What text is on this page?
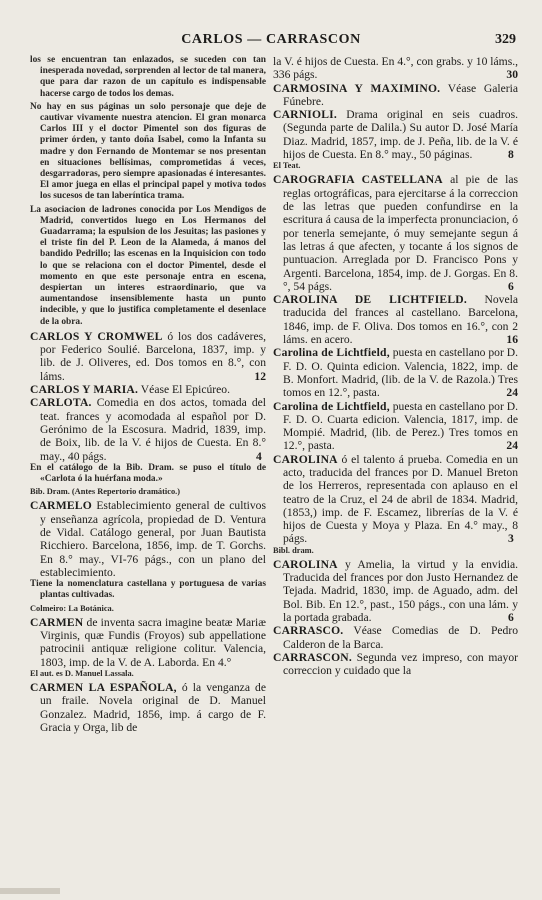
CARLOS — CARRASCON	329

los se encuentran tan enlazados, se suceden con tan inesperada novedad, sorprenden al lector de tal manera, que para dar razon de un capítulo es indispensable hacerse cargo de todos los demas.

No hay en sus páginas un solo personaje que deje de cautivar vivamente nuestra atencion. El gran monarca Carlos III y el doctor Pimentel son dos figuras de primer órden, y tanto doña Isabel, como la Infanta su madre y don Fernando de Montemar se nos presentan en situaciones bellísimas, comprometidas á veces, desgarradoras, pero siempre apasionadas é interesantes. El amor juega en ellas el principal papel y motiva todos los sucesos de tan laberíntica trama.

La asociacion de ladrones conocida por Los Mendigos de Madrid, convertidos luego en Los Hermanos del Guadarrama; la espulsion de los Jesuitas; las pasiones y el triste fin del P. Leon de la Alameda, á manos del bandido Pedrillo; las escenas en la Inquisicion con todo lo que se relaciona con el doctor Pimentel, desde el momento en que este personaje entra en escena, despiertan un interes estraordinario, que va aumentandose insensiblemente hasta un punto indecible, y que lo justifica completamente el desenlace de la obra.

CARLOS Y CROMWEL ó los dos cadáveres, por Federico Soulié. Barcelona, 1837, imp. y lib. de J. Oliveres, ed. Dos tomos en 8.°, con láms.	12

CARLOS Y MARIA. Véase El Epicúreo.

CARLOTA. Comedia en dos actos, tomada del teat. frances y acomodada al español por D. Gerónimo de la Escosura. Madrid, 1839, imp. de Boix, lib. de la V. é hijos de Cuesta. En 8.° may., 40 págs.	4

En el catálogo de la Bib. Dram. se puso el título de «Carlota ó la huérfana moda.»

Bib. Dram. (Antes Repertorio dramático.)

CARMELO Establecimiento general de cultivos y enseñanza agrícola, propiedad de D. Ventura de Vidal. Catálogo general, por Juan Bautista Ricchiero. Barcelona, 1856, imp. de T. Gorchs. En 8.° may., VI-76 págs., con un plano del establecimiento.

Tiene la nomenclatura castellana y portuguesa de varias plantas cultivadas.

Colmeiro: La Botánica.

CARMEN de inventa sacra imagine beatæ Mariæ Virginis, quæ Fundis (Froyos) sub appellatione patrocinii antiquæ religione colitur. Valencia, 1803, imp. de la V. de A. Laborda. En 4.°

El aut. es D. Manuel Lassala.

CARMEN LA ESPAÑOLA, ó la venganza de un fraile. Novela original de D. Manuel Gonzalez. Madrid, 1856, imp. á cargo de F. Gracia y Orga, lib de

la V. é hijos de Cuesta. En 4.°, con grabs. y 10 láms., 336 págs.	30

CARMOSINA Y MAXIMINO. Véase Galeria Fúnebre.

CARNIOLI. Drama original en seis cuadros. (Segunda parte de Dalila.) Su autor D. José María Diaz. Madrid, 1857, imp. de J. Peña, lib. de la V. é hijos de Cuesta. En 8.° may., 50 páginas.	8

El Teat.

CAROGRAFIA CASTELLANA al pie de las reglas ortográficas, para ejercitarse á la correccion de las letras que pueden confundirse en la escritura á causa de la imperfecta pronunciacion, ó por tenerla semejante, ó muy semejante segun á las letras á que afecten, y tocante á los signos de puntuacion. Arreglada por D. Francisco Pons y Argenti. Barcelona, 1854, imp. de J. Gorgas. En 8.°, 54 págs.	6

CAROLINA DE LICHTFIELD. Novela traducida del frances al castellano. Barcelona, 1846, imp. de F. Oliva. Dos tomos en 16.°, con 2 láms. en acero.	16

Carolina de Lichtfield, puesta en castellano por D. F. D. O. Quinta edicion. Valencia, 1822, imp. de B. Monfort. Madrid, (lib. de la V. de Razola.) Tres tomos en 12.°, pasta.	24

Carolina de Lichtfield, puesta en castellano por D. F. D. O. Cuarta edicion. Valencia, 1817, imp. de Mompié. Madrid, (lib. de Perez.) Tres tomos en 12.°, pasta.	24

CAROLINA ó el talento á prueba. Comedia en un acto, traducida del frances por D. Manuel Breton de los Herreros, representada con aplauso en el teatro de la Cruz, el 24 de abril de 1834. Madrid, (1853,) imp. de F. Escamez, librerías de la V. é hijos de Cuesta y Moya y Plaza. En 4.° may., 8 págs.	3

Bibl. dram.

CAROLINA y Amelia, la virtud y la envidia. Traducida del frances por don Justo Hernandez de Tejada. Madrid, 1830, imp. de Aguado, adm. del Bol. Bib. En 12.°, past., 150 págs., con una lám. y la portada grabada.	6

CARRASCO. Véase Comedias de D. Pedro Calderon de la Barca.

CARRASCON. Segunda vez impreso, con mayor correccion y cuidado que la
